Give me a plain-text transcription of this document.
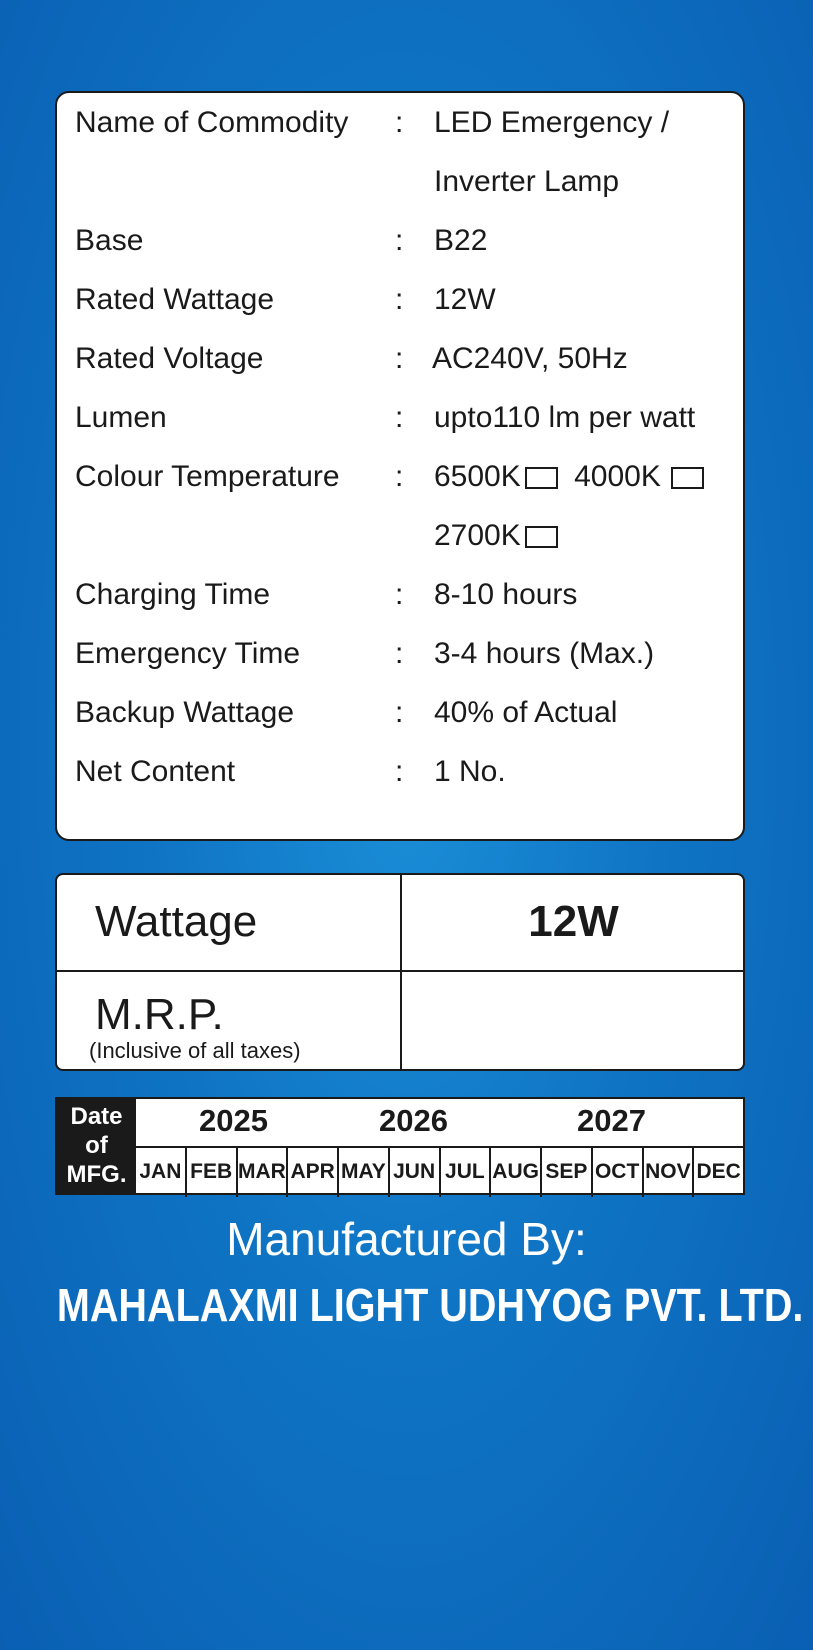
Name of Commodity : LED Emergency /
Inverter Lamp
Base	: B22
Rated Wattage	: 12W
Rated Voltage	: AC240V, 50Hz
Lumen	: upto110 lm per watt
Colour Temperature : 6500K 4000K
2700K
Charging Time	: 8-10 hours
Emergency Time	: 3-4 hours (Max.)
Backup Wattage	: 40% of Actual
Net Content	: 1 No.
Wattage	12W
M.R.P.
(Inclusive of all taxes)
Date
of
MFG.
2025	2026	2027
JAN FEB MAR APR MAY JUN JUL AUG SEP OCT NOV DEC
Manufactured By:
MAHALAXMI LIGHT UDHYOG PVT. LTD.
